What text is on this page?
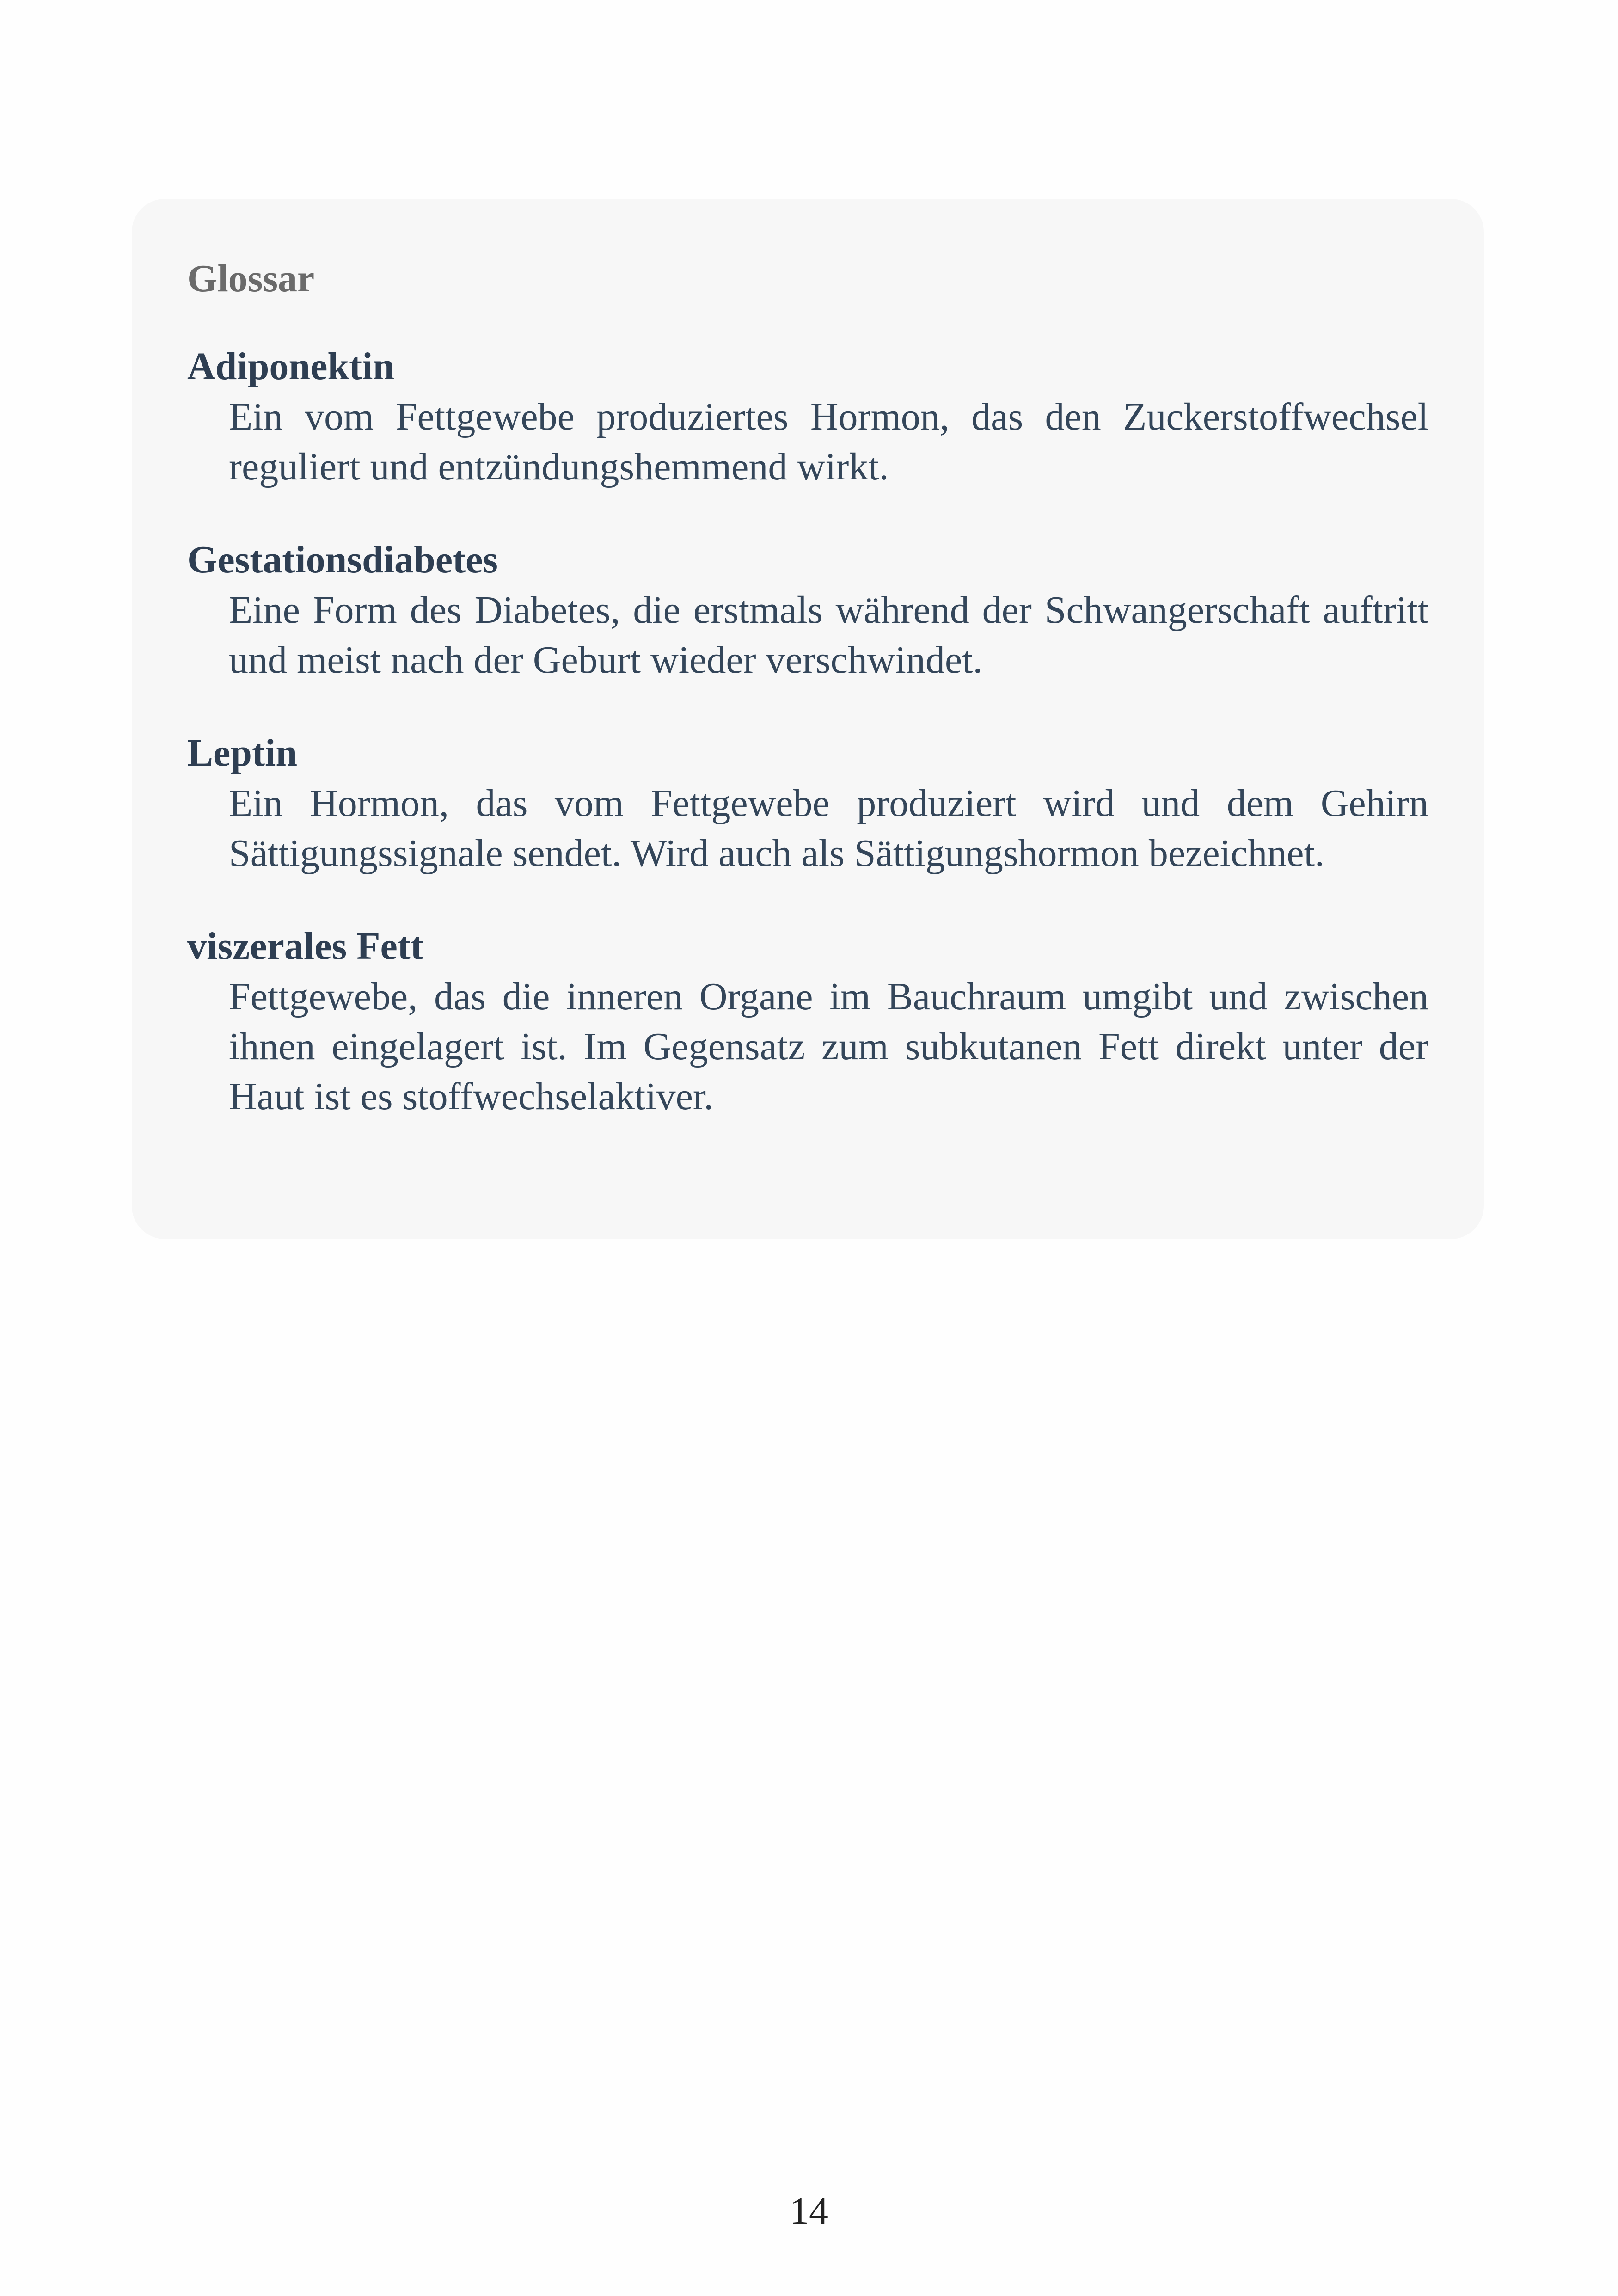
Glossar
Adiponektin
Ein vom Fettgewebe produziertes Hormon, das den Zuckerstoffwechsel reguliert und entzündungshemmend wirkt.
Gestationsdiabetes
Eine Form des Diabetes, die erstmals während der Schwangerschaft auftritt und meist nach der Geburt wieder verschwindet.
Leptin
Ein Hormon, das vom Fettgewebe produziert wird und dem Gehirn Sättigungssignale sendet. Wird auch als Sättigungshormon bezeichnet.
viszerales Fett
Fettgewebe, das die inneren Organe im Bauchraum umgibt und zwischen ihnen eingelagert ist. Im Gegensatz zum subkutanen Fett direkt unter der Haut ist es stoffwechselaktiver.
14
